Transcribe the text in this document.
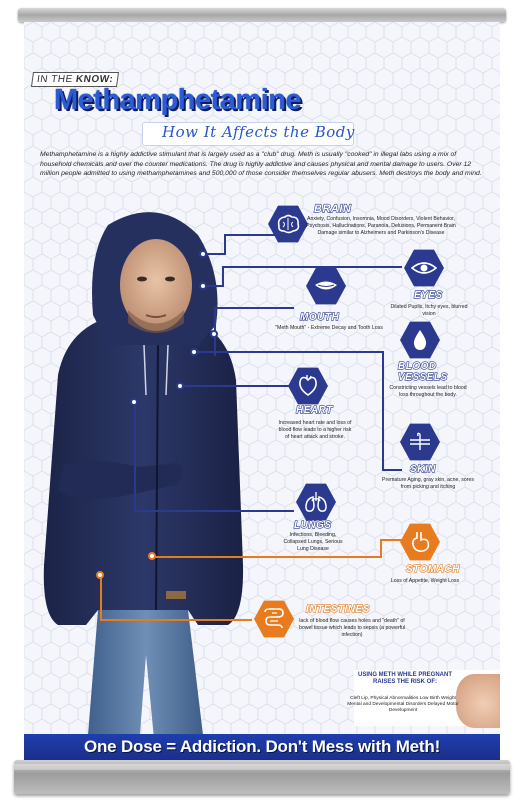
IN THE KNOW:
Methamphetamine
How It Affects the Body
Methamphetamine is a highly addictive stimulant that is largely used as a "club" drug. Meth is usually "cooked" in illegal labs using a mix of household chemicals and over the counter medications. The drug is highly addictive and causes physical and mental damage to users. Over 12 million people admitted to using methamphetamines and 500,000 of those consider themselves regular abusers. Meth destroys the body and mind.
BRAIN
Anxiety, Confusion, Insomnia, Mood Disorders, Violent Behavior, Psychosis, Hallucinations, Paranoia, Delusions, Permanent Brain Damage similar to Alzheimers and Parkinson's Disease
MOUTH
"Meth Mouth" - Extreme Decay and Tooth Loss
EYES
Dilated Pupils, Itchy eyes, blurred vision
BLOOD VESSELS
Constricting vessels lead to blood loss throughout the body.
HEART
Increased heart rate and loss of blood flow leads to a higher risk of heart attack and stroke.
SKIN
Premature Aging, gray skin, acne, sores from picking and itching
LUNGS
Infections, Bleeding, Collapsed Lungs, Serious Lung Disease
STOMACH
Loss of Appetite, Weight Loss
INTESTINES
lack of blood flow causes holes and "death" of bowel tissue which leads to sepsis (a powerful infection)
USING METH WHILE PREGNANT RAISES THE RISK OF:
Cleft Lip, Physical Abnormalities Low Birth Weight Mental and Developmental Disorders Delayed Motor Development
One Dose = Addiction. Don't Mess with Meth!
